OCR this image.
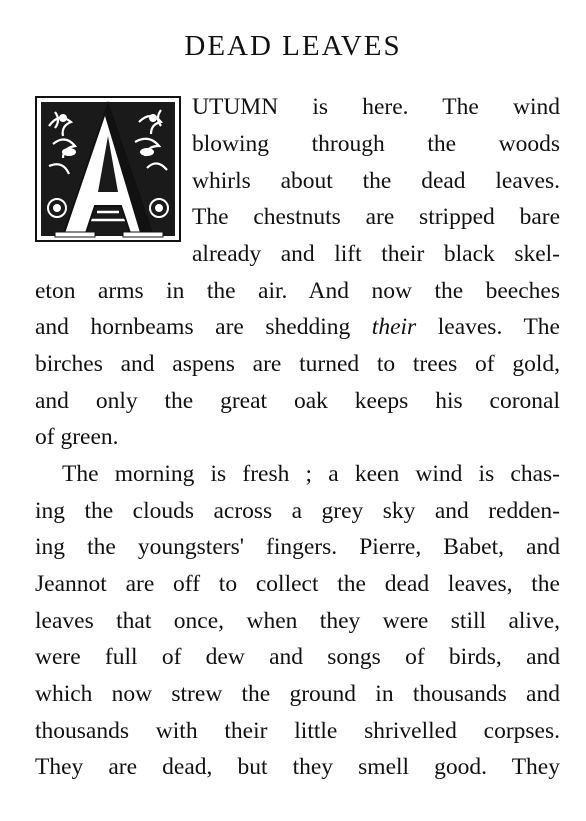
DEAD LEAVES
A	UTUMN is here. The wind

blowing through the woods

whirls about the dead leaves.

The chestnuts are stripped bare

already and lift their black skel-

eton arms in the air. And now the beeches

and hornbeams are shedding their leaves. The

birches and aspens are turned to trees of gold,

and only the great oak keeps his coronal

of green.

The morning is fresh ; a keen wind is chas-

ing the clouds across a grey sky and redden-

ing the youngsters' fingers. Pierre, Babet, and

Jeannot are off to collect the dead leaves, the

leaves that once, when they were still alive,

were full of dew and songs of birds, and

which now strew the ground in thousands and

thousands with their little shrivelled corpses.

They are dead, but they smell good. They
